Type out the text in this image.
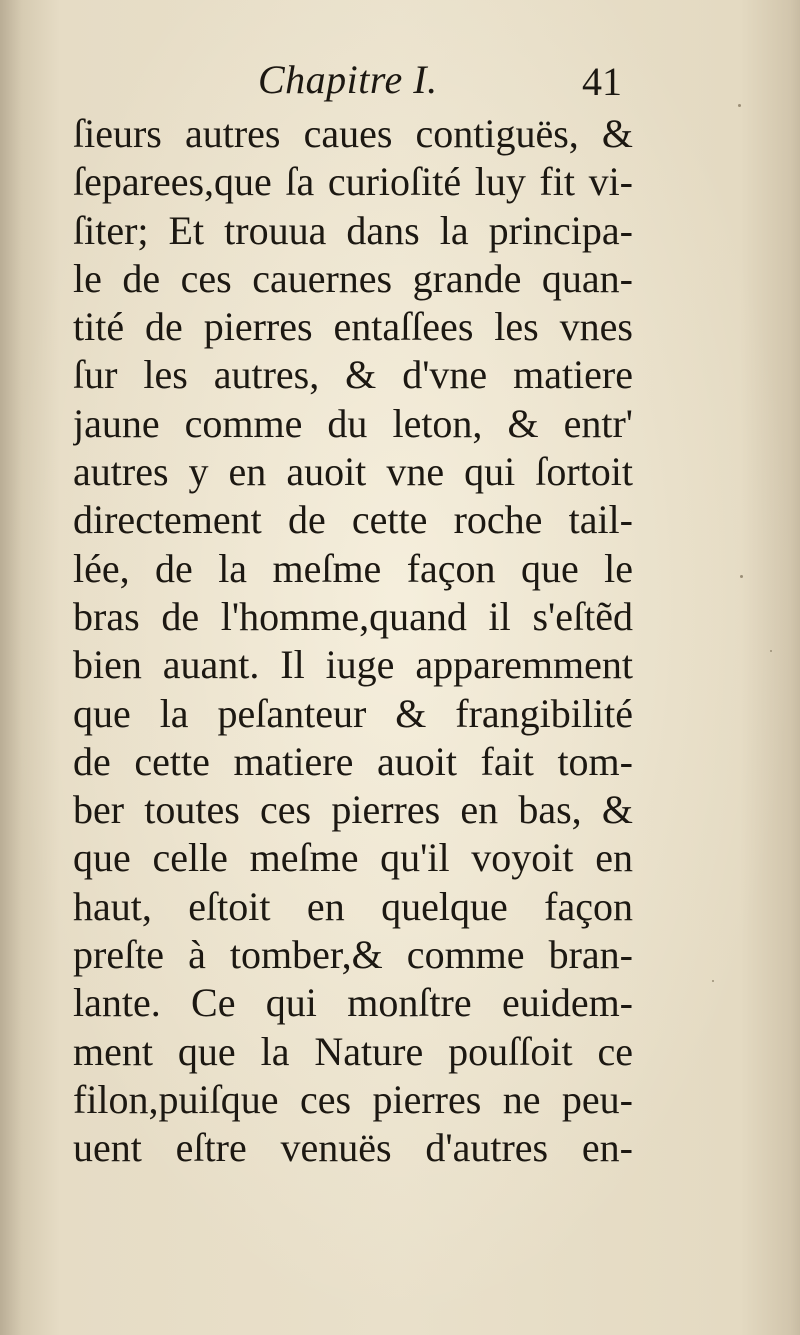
Chapitre I.	41
ſieurs autres caues contiguës, &
ſeparees,que ſa curioſité luy fit vi-
ſiter; Et trouua dans la principa-
le de ces cauernes grande quan-
tité de pierres entaſſees les vnes
ſur les autres, & d'vne matiere
jaune comme du leton, & entr'
autres y en auoit vne qui ſortoit
directement de cette roche tail-
lée, de la meſme façon que le
bras de l'homme,quand il s'eſtẽd
bien auant. Il iuge apparemment
que la peſanteur & frangibilité
de cette matiere auoit fait tom-
ber toutes ces pierres en bas, &
que celle meſme qu'il voyoit en
haut, eſtoit en quelque façon
preſte à tomber,& comme bran-
lante. Ce qui monſtre euidem-
ment que la Nature pouſſoit ce
filon,puiſque ces pierres ne peu-
uent eſtre venuës d'autres en-
